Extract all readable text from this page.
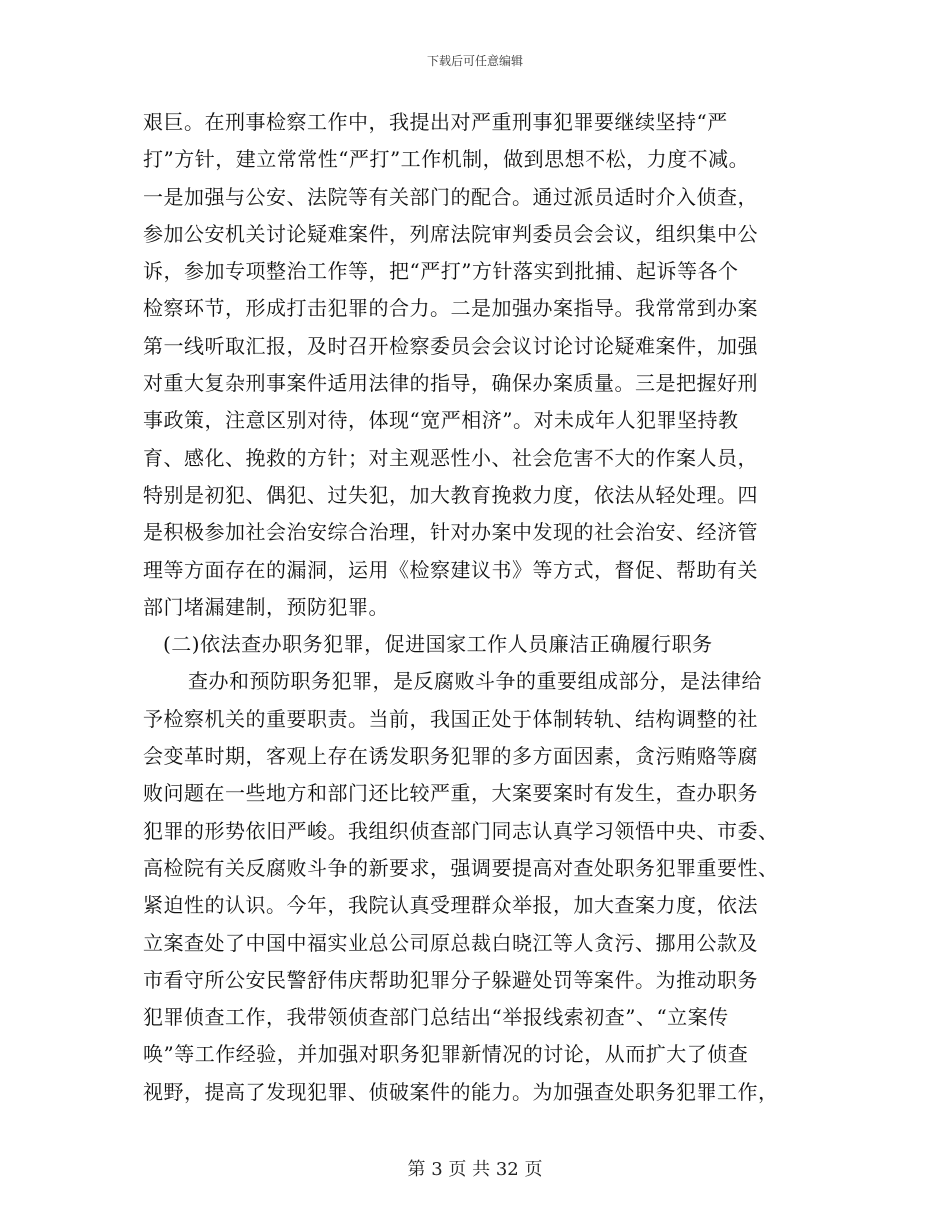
下载后可任意编辑
艰巨。在刑事检察工作中，我提出对严重刑事犯罪要继续坚持“严
打”方针，建立常常性“严打”工作机制，做到思想不松，力度不减。
一是加强与公安、法院等有关部门的配合。通过派员适时介入侦查，
参加公安机关讨论疑难案件，列席法院审判委员会会议，组织集中公
诉，参加专项整治工作等，把“严打”方针落实到批捕、起诉等各个
检察环节，形成打击犯罪的合力。二是加强办案指导。我常常到办案
第一线听取汇报，及时召开检察委员会会议讨论讨论疑难案件，加强
对重大复杂刑事案件适用法律的指导，确保办案质量。三是把握好刑
事政策，注意区别对待，体现“宽严相济”。对未成年人犯罪坚持教
育、感化、挽救的方针；对主观恶性小、社会危害不大的作案人员，
特别是初犯、偶犯、过失犯，加大教育挽救力度，依法从轻处理。四
是积极参加社会治安综合治理，针对办案中发现的社会治安、经济管
理等方面存在的漏洞，运用《检察建议书》等方式，督促、帮助有关
部门堵漏建制，预防犯罪。
(二)依法查办职务犯罪，促进国家工作人员廉洁正确履行职务
查办和预防职务犯罪，是反腐败斗争的重要组成部分，是法律给
予检察机关的重要职责。当前，我国正处于体制转轨、结构调整的社
会变革时期，客观上存在诱发职务犯罪的多方面因素，贪污贿赂等腐
败问题在一些地方和部门还比较严重，大案要案时有发生，查办职务
犯罪的形势依旧严峻。我组织侦查部门同志认真学习领悟中央、市委、
高检院有关反腐败斗争的新要求，强调要提高对查处职务犯罪重要性、
紧迫性的认识。今年，我院认真受理群众举报，加大查案力度，依法
立案查处了中国中福实业总公司原总裁白晓江等人贪污、挪用公款及
市看守所公安民警舒伟庆帮助犯罪分子躲避处罚等案件。为推动职务
犯罪侦查工作，我带领侦查部门总结出“举报线索初查”、“立案传
唤”等工作经验，并加强对职务犯罪新情况的讨论，从而扩大了侦查
视野，提高了发现犯罪、侦破案件的能力。为加强查处职务犯罪工作，
第 3 页 共 32 页
